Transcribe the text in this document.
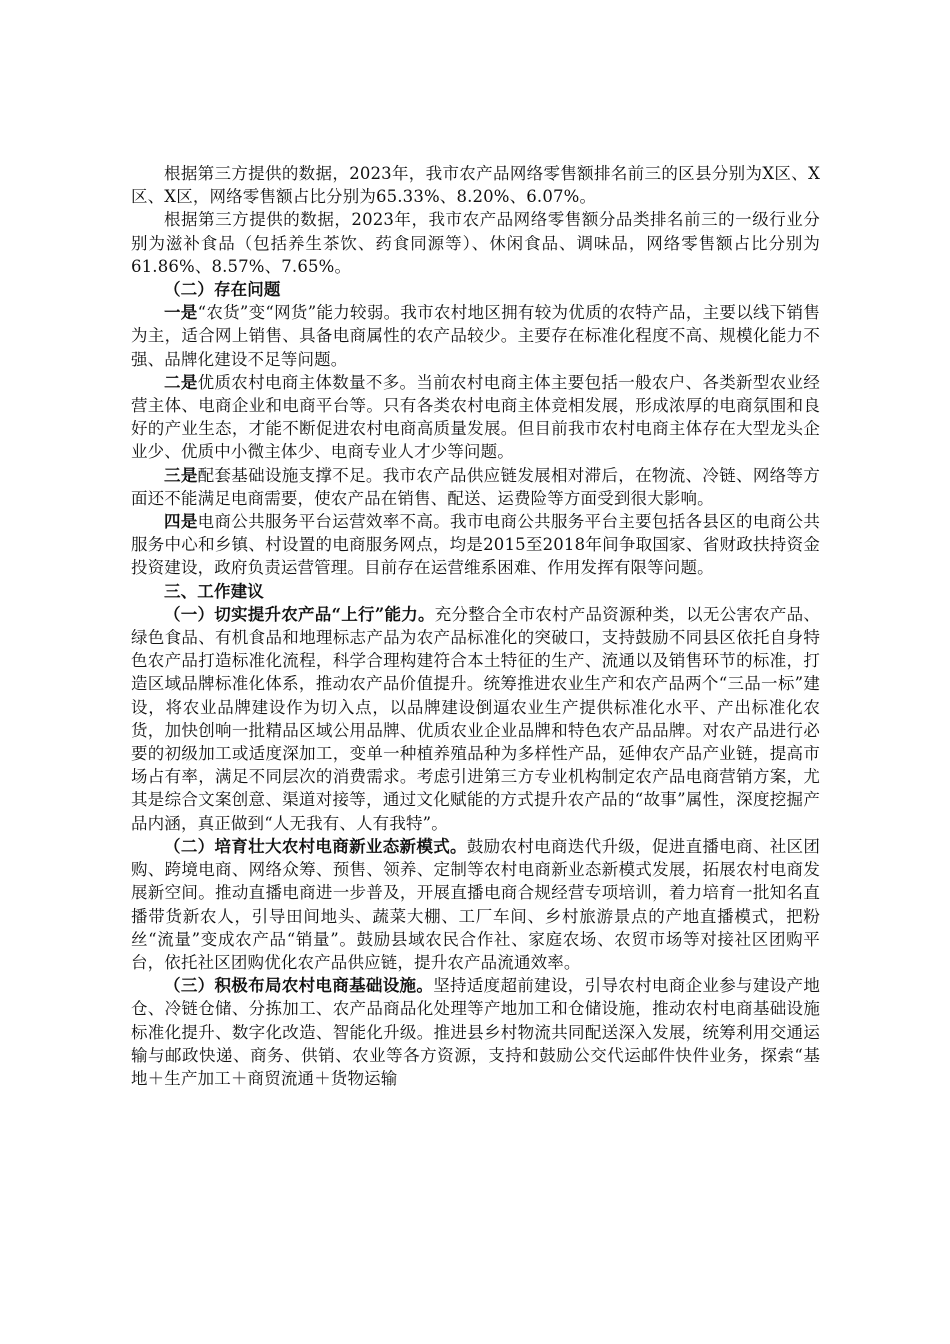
根据第三方提供的数据，2023年，我市农产品网络零售额排名前三的区县分别为X区、X区、X区，网络零售额占比分别为65.33%、8.20%、6.07%。

根据第三方提供的数据，2023年，我市农产品网络零售额分品类排名前三的一级行业分别为滋补食品（包括养生茶饮、药食同源等）、休闲食品、调味品，网络零售额占比分别为61.86%、8.57%、7.65%。

（二）存在问题

一是“农货”变“网货”能力较弱。我市农村地区拥有较为优质的农特产品，主要以线下销售为主，适合网上销售、具备电商属性的农产品较少。主要存在标准化程度不高、规模化能力不强、品牌化建设不足等问题。

二是优质农村电商主体数量不多。当前农村电商主体主要包括一般农户、各类新型农业经营主体、电商企业和电商平台等。只有各类农村电商主体竞相发展，形成浓厚的电商氛围和良好的产业生态，才能不断促进农村电商高质量发展。但目前我市农村电商主体存在大型龙头企业少、优质中小微主体少、电商专业人才少等问题。

三是配套基础设施支撑不足。我市农产品供应链发展相对滞后，在物流、冷链、网络等方面还不能满足电商需要，使农产品在销售、配送、运费险等方面受到很大影响。

四是电商公共服务平台运营效率不高。我市电商公共服务平台主要包括各县区的电商公共服务中心和乡镇、村设置的电商服务网点，均是2015至2018年间争取国家、省财政扶持资金投资建设，政府负责运营管理。目前存在运营维系困难、作用发挥有限等问题。

三、工作建议

（一）切实提升农产品“上行”能力。充分整合全市农村产品资源种类，以无公害农产品、绿色食品、有机食品和地理标志产品为农产品标准化的突破口，支持鼓励不同县区依托自身特色农产品打造标准化流程，科学合理构建符合本土特征的生产、流通以及销售环节的标准，打造区域品牌标准化体系，推动农产品价值提升。统筹推进农业生产和农产品两个“三品一标”建设，将农业品牌建设作为切入点，以品牌建设倒逼农业生产提供标准化水平、产出标准化农货，加快创响一批精品区域公用品牌、优质农业企业品牌和特色农产品品牌。对农产品进行必要的初级加工或适度深加工，变单一种植养殖品种为多样性产品，延伸农产品产业链，提高市场占有率，满足不同层次的消费需求。考虑引进第三方专业机构制定农产品电商营销方案，尤其是综合文案创意、渠道对接等，通过文化赋能的方式提升农产品的“故事”属性，深度挖掘产品内涵，真正做到“人无我有、人有我特”。

（二）培育壮大农村电商新业态新模式。鼓励农村电商迭代升级，促进直播电商、社区团购、跨境电商、网络众筹、预售、领养、定制等农村电商新业态新模式发展，拓展农村电商发展新空间。推动直播电商进一步普及，开展直播电商合规经营专项培训，着力培育一批知名直播带货新农人，引导田间地头、蔬菜大棚、工厂车间、乡村旅游景点的产地直播模式，把粉丝“流量”变成农产品“销量”。鼓励县域农民合作社、家庭农场、农贸市场等对接社区团购平台，依托社区团购优化农产品供应链，提升农产品流通效率。

（三）积极布局农村电商基础设施。坚持适度超前建设，引导农村电商企业参与建设产地仓、冷链仓储、分拣加工、农产品商品化处理等产地加工和仓储设施，推动农村电商基础设施标准化提升、数字化改造、智能化升级。推进县乡村物流共同配送深入发展，统筹利用交通运输与邮政快递、商务、供销、农业等各方资源，支持和鼓励公交代运邮件快件业务，探索“基地＋生产加工＋商贸流通＋货物运输
